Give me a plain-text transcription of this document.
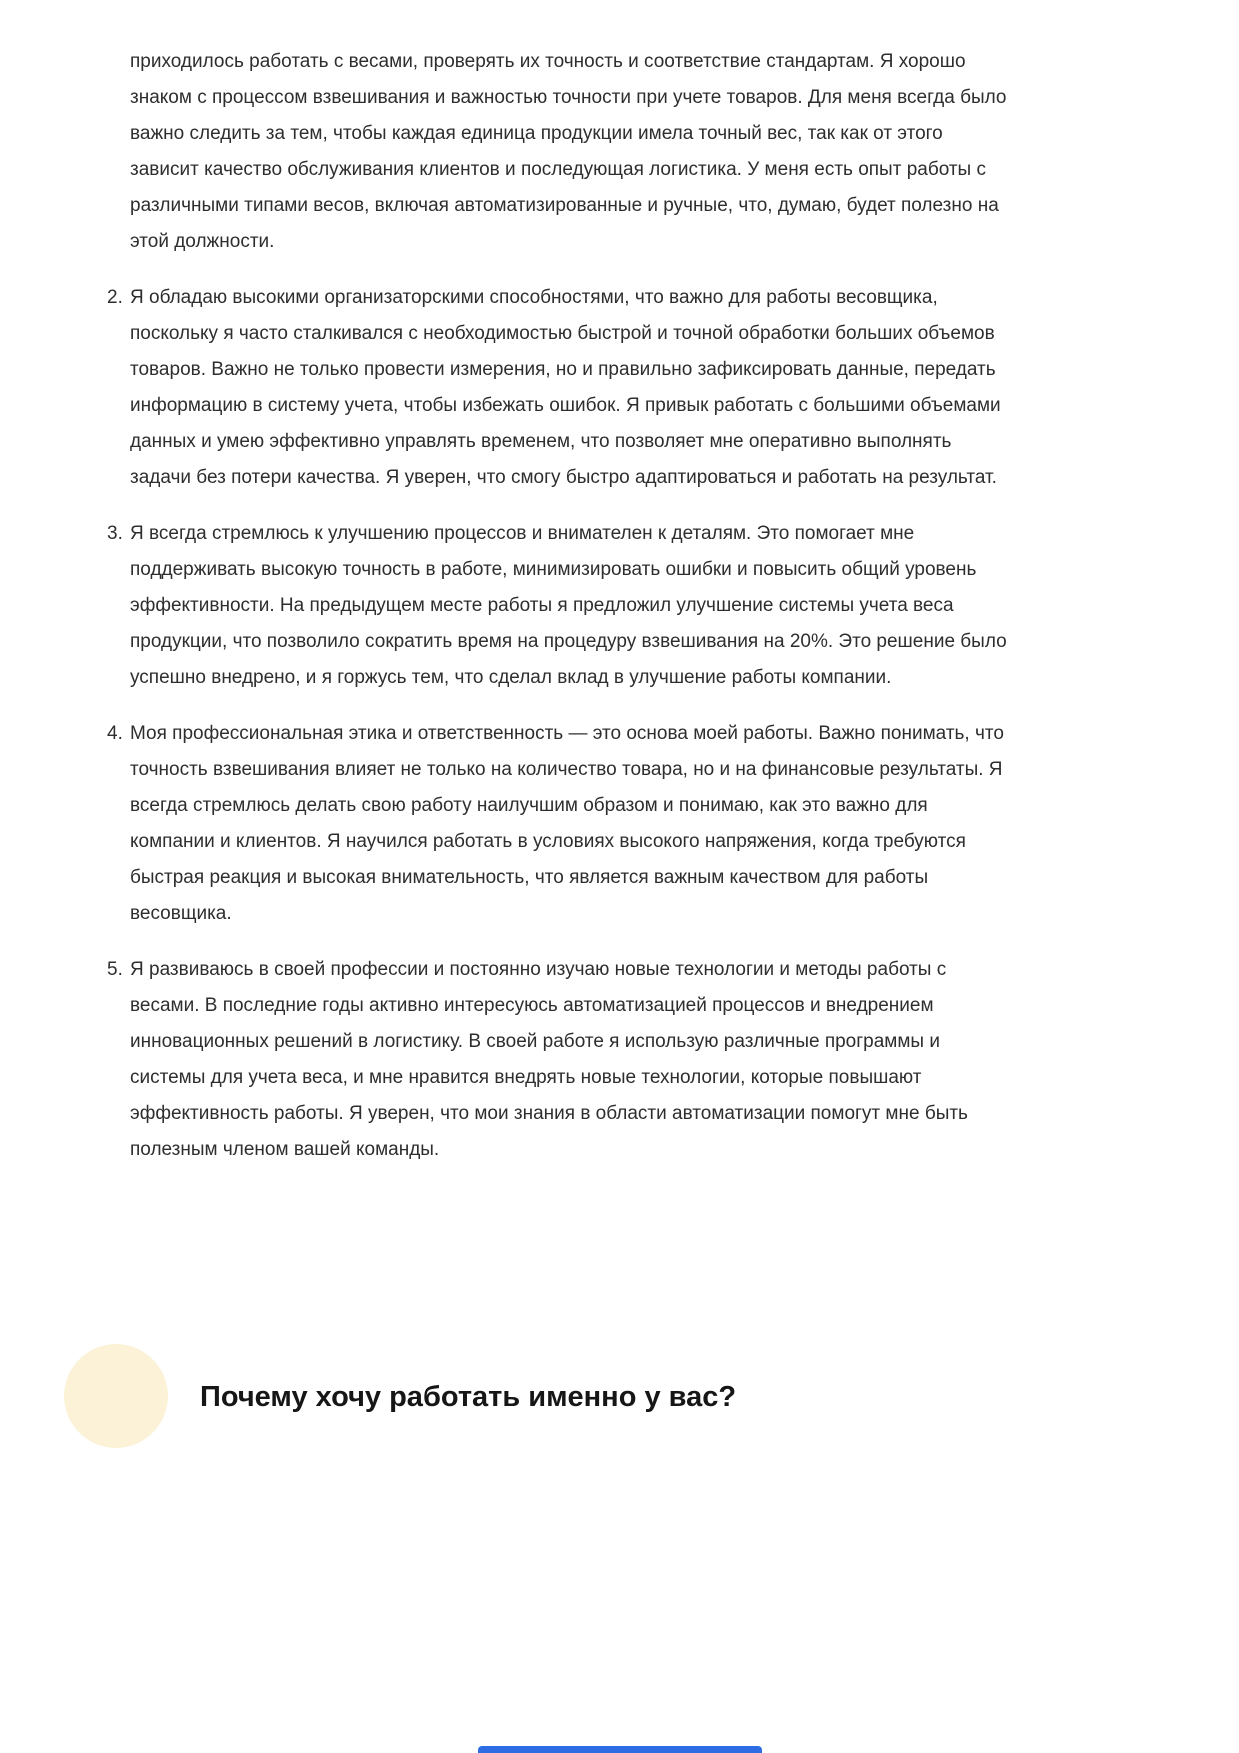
приходилось работать с весами, проверять их точность и соответствие стандартам. Я хорошо знаком с процессом взвешивания и важностью точности при учете товаров. Для меня всегда было важно следить за тем, чтобы каждая единица продукции имела точный вес, так как от этого зависит качество обслуживания клиентов и последующая логистика. У меня есть опыт работы с различными типами весов, включая автоматизированные и ручные, что, думаю, будет полезно на этой должности.

2. Я обладаю высокими организаторскими способностями, что важно для работы весовщика, поскольку я часто сталкивался с необходимостью быстрой и точной обработки больших объемов товаров. Важно не только провести измерения, но и правильно зафиксировать данные, передать информацию в систему учета, чтобы избежать ошибок. Я привык работать с большими объемами данных и умею эффективно управлять временем, что позволяет мне оперативно выполнять задачи без потери качества. Я уверен, что смогу быстро адаптироваться и работать на результат.
3. Я всегда стремлюсь к улучшению процессов и внимателен к деталям. Это помогает мне поддерживать высокую точность в работе, минимизировать ошибки и повысить общий уровень эффективности. На предыдущем месте работы я предложил улучшение системы учета веса продукции, что позволило сократить время на процедуру взвешивания на 20%. Это решение было успешно внедрено, и я горжусь тем, что сделал вклад в улучшение работы компании.
4. Моя профессиональная этика и ответственность — это основа моей работы. Важно понимать, что точность взвешивания влияет не только на количество товара, но и на финансовые результаты. Я всегда стремлюсь делать свою работу наилучшим образом и понимаю, как это важно для компании и клиентов. Я научился работать в условиях высокого напряжения, когда требуются быстрая реакция и высокая внимательность, что является важным качеством для работы весовщика.
5. Я развиваюсь в своей профессии и постоянно изучаю новые технологии и методы работы с весами. В последние годы активно интересуюсь автоматизацией процессов и внедрением инновационных решений в логистику. В своей работе я использую различные программы и системы для учета веса, и мне нравится внедрять новые технологии, которые повышают эффективность работы. Я уверен, что мои знания в области автоматизации помогут мне быть полезным членом вашей команды.
Почему хочу работать именно у вас?
